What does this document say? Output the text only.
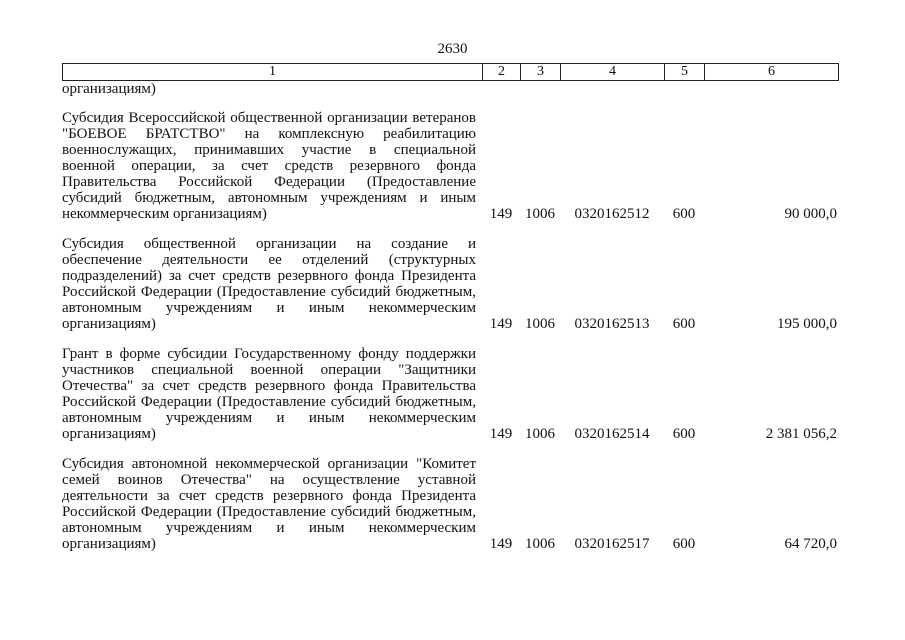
2630
1	2	3	4	5	6
организациям)
Субсидия Всероссийской общественной организации ветеранов "БОЕВОЕ БРАТСТВО" на комплексную реабилитацию военнослужащих, принимавших участие в специальной военной операции, за счет средств резервного фонда Правительства Российской Федерации (Предоставление субсидий бюджетным, автономным учреждениям и иным некоммерческим организациям)	149 1006	0320162512	600	90 000,0
Субсидия общественной организации на создание и обеспечение деятельности ее отделений (структурных подразделений) за счет средств резервного фонда Президента Российской Федерации (Предоставление субсидий бюджетным, автономным учреждениям и иным некоммерческим организациям)	149 1006	0320162513	600	195 000,0
Грант в форме субсидии Государственному фонду поддержки участников специальной военной операции "Защитники Отечества" за счет средств резервного фонда Правительства Российской Федерации (Предоставление субсидий бюджетным, автономным учреждениям и иным некоммерческим организациям)	149 1006	0320162514	600	2 381 056,2
Субсидия автономной некоммерческой организации "Комитет семей воинов Отечества" на осуществление уставной деятельности за счет средств резервного фонда Президента Российской Федерации (Предоставление субсидий бюджетным, автономным учреждениям и иным некоммерческим организациям)	149 1006	0320162517	600	64 720,0
